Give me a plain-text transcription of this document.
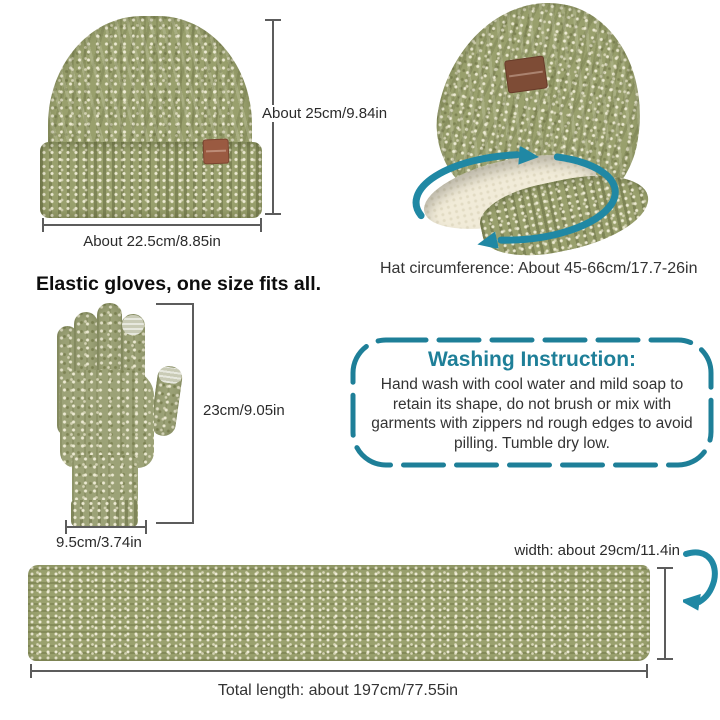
About 25cm/9.84in
About 22.5cm/8.85in
Hat circumference: About 45-66cm/17.7-26in
Elastic gloves, one size fits all.
23cm/9.05in
9.5cm/3.74in
Washing Instruction:
Hand wash with cool water and mild soap to retain its shape, do not brush or mix with garments with zippers nd rough edges to avoid pilling. Tumble dry low.
width: about 29cm/11.4in
Total length: about 197cm/77.55in
